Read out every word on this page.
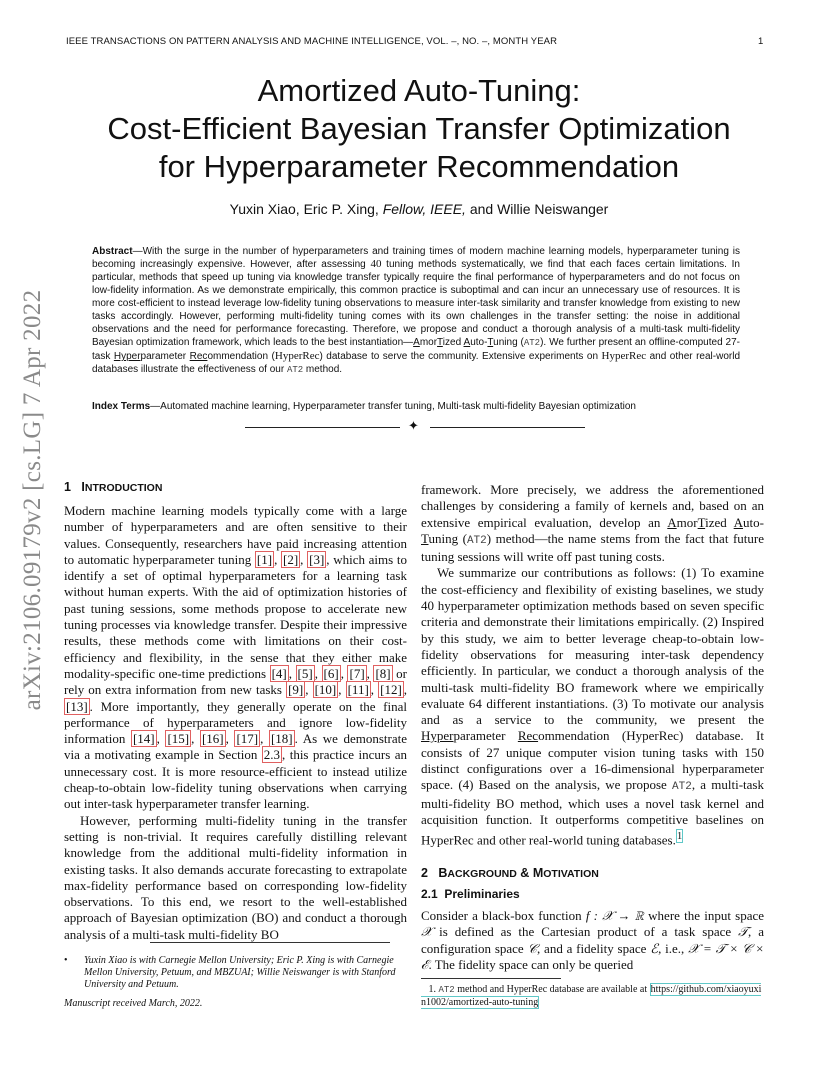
IEEE TRANSACTIONS ON PATTERN ANALYSIS AND MACHINE INTELLIGENCE, VOL. –, NO. –, MONTH YEAR	1
Amortized Auto-Tuning:
Cost-Efficient Bayesian Transfer Optimization
for Hyperparameter Recommendation
Yuxin Xiao, Eric P. Xing, Fellow, IEEE, and Willie Neiswanger
Abstract—With the surge in the number of hyperparameters and training times of modern machine learning models, hyperparameter tuning is becoming increasingly expensive. However, after assessing 40 tuning methods systematically, we find that each faces certain limitations. In particular, methods that speed up tuning via knowledge transfer typically require the final performance of hyperparameters and do not focus on low-fidelity information. As we demonstrate empirically, this common practice is suboptimal and can incur an unnecessary use of resources. It is more cost-efficient to instead leverage low-fidelity tuning observations to measure inter-task similarity and transfer knowledge from existing to new tasks accordingly. However, performing multi-fidelity tuning comes with its own challenges in the transfer setting: the noise in additional observations and the need for performance forecasting. Therefore, we propose and conduct a thorough analysis of a multi-task multi-fidelity Bayesian optimization framework, which leads to the best instantiation—AmorTized Auto-Tuning (AT2). We further present an offline-computed 27-task Hyperparameter Recommendation (HyperRec) database to serve the community. Extensive experiments on HyperRec and other real-world databases illustrate the effectiveness of our AT2 method.
Index Terms—Automated machine learning, Hyperparameter transfer tuning, Multi-task multi-fidelity Bayesian optimization
✦
arXiv:2106.09179v2 [cs.LG] 7 Apr 2022 1 INTRODUCTION

Modern machine learning models typically come with a large number of hyperparameters and are often sensitive to their values. Consequently, researchers have paid increasing attention to automatic hyperparameter tuning [1] , [2] , [3] , which aims to identify a set of optimal hyperparameters for a learning task without human experts. With the aid of optimization histories of past tuning sessions, some methods propose to accelerate new tuning processes via knowledge transfer. Despite their impressive results, these methods come with limitations on their cost-efficiency and flexibility, in the sense that they either make modality-specific one-time predictions [4] , [5] , [6] , [7] , [8] or rely on extra information from new tasks [9] , [10] , [11] , [12] , [13] . More importantly, they generally operate on the final performance of hyperparameters and ignore low-fidelity information [14] , [15] , [16] , [17] , [18] . As we demonstrate via a motivating example in Section 2.3 , this practice incurs an unnecessary cost. It is more resource-efficient to instead utilize cheap-to-obtain low-fidelity tuning observations when carrying out inter-task hyperparameter transfer learning.

However, performing multi-fidelity tuning in the transfer setting is non-trivial. It requires carefully distilling relevant knowledge from the additional multi-fidelity information in existing tasks. It also demands accurate forecasting to extrapolate max-fidelity performance based on corresponding low-fidelity observations. To this end, we resort to the well-established approach of Bayesian optimization (BO) and conduct a thorough analysis of a multi-task multi-fidelity BO

framework. More precisely, we address the aforementioned challenges by considering a family of kernels and, based on an extensive empirical evaluation, develop an AmorTized Auto-Tuning (AT2) method—the name stems from the fact that future tuning sessions will write off past tuning costs.

We summarize our contributions as follows: (1) To examine the cost-efficiency and flexibility of existing baselines, we study 40 hyperparameter optimization methods based on seven specific criteria and demonstrate their limitations empirically. (2) Inspired by this study, we aim to better leverage cheap-to-obtain low-fidelity observations for measuring inter-task dependency efficiently. In particular, we conduct a thorough analysis of the multi-task multi-fidelity BO framework where we empirically evaluate 64 different instantiations. (3) To motivate our analysis and as a service to the community, we present the Hyperparameter Recommendation (HyperRec) database. It consists of 27 unique computer vision tuning tasks with 150 distinct configurations over a 16-dimensional hyperparameter space. (4) Based on the analysis, we propose AT2, a multi-task multi-fidelity BO method, which uses a novel task kernel and acquisition function. It outperforms competitive baselines on HyperRec and other real-world tuning databases.$^1$

2 BACKGROUND & MOTIVATION
2.1 Preliminaries

Consider a black-box function f : 𝒳 → ℝ where the input space 𝒳 is defined as the Cartesian product of a task space 𝒯, a configuration space 𝒞, and a fidelity space ℰ, i.e., 𝒳 = 𝒯 × 𝒞 × ℰ. The fidelity space can only be queried

• Yuxin Xiao is with Carnegie Mellon University; Eric P. Xing is with Carnegie Mellon University, Petuum, and MBZUAI; Willie Neiswanger is with Stanford University and Petuum.
Manuscript received March, 2022.
1. AT2 method and HyperRec database are available at https://github.com/xiaoyuxin1002/amortized-auto-tuning
